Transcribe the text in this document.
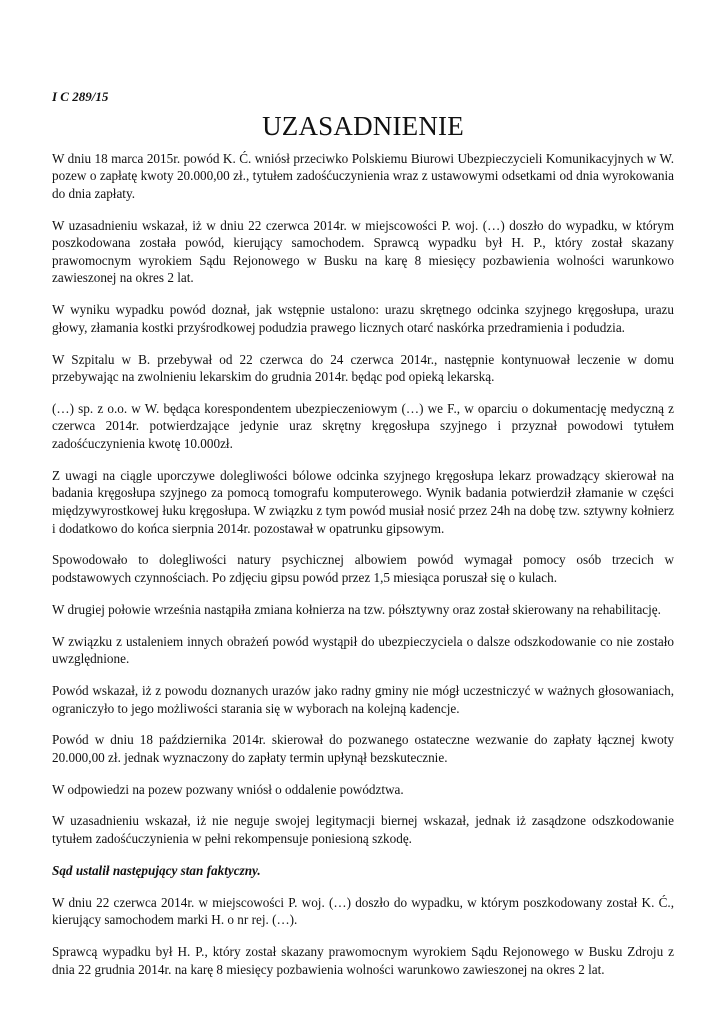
I C 289/15
UZASADNIENIE

W dniu 18 marca 2015r. powód K. Ć. wniósł przeciwko Polskiemu Biurowi Ubezpieczycieli Komunikacyjnych w W. pozew o zapłatę kwoty 20.000,00 zł., tytułem zadośćuczynienia wraz z ustawowymi odsetkami od dnia wyrokowania do dnia zapłaty.

W uzasadnieniu wskazał, iż w dniu 22 czerwca 2014r. w miejscowości P. woj. (…) doszło do wypadku, w którym poszkodowana została powód, kierujący samochodem. Sprawcą wypadku był H. P., który został skazany prawomocnym wyrokiem Sądu Rejonowego w Busku na karę 8 miesięcy pozbawienia wolności warunkowo zawieszonej na okres 2 lat.

W wyniku wypadku powód doznał, jak wstępnie ustalono: urazu skrętnego odcinka szyjnego kręgosłupa, urazu głowy, złamania kostki przyśrodkowej podudzia prawego licznych otarć naskórka przedramienia i podudzia.

W Szpitalu w B. przebywał od 22 czerwca do 24 czerwca 2014r., następnie kontynuował leczenie w domu przebywając na zwolnieniu lekarskim do grudnia 2014r. będąc pod opieką lekarską.

(…) sp. z o.o. w W. będąca korespondentem ubezpieczeniowym (…) we F., w oparciu o dokumentację medyczną z czerwca 2014r. potwierdzające jedynie uraz skrętny kręgosłupa szyjnego i przyznał powodowi tytułem zadośćuczynienia kwotę 10.000zł.

Z uwagi na ciągle uporczywe dolegliwości bólowe odcinka szyjnego kręgosłupa lekarz prowadzący skierował na badania kręgosłupa szyjnego za pomocą tomografu komputerowego. Wynik badania potwierdził złamanie w części międzywyrostkowej łuku kręgosłupa. W związku z tym powód musiał nosić przez 24h na dobę tzw. sztywny kołnierz i dodatkowo do końca sierpnia 2014r. pozostawał w opatrunku gipsowym.

Spowodowało to dolegliwości natury psychicznej albowiem powód wymagał pomocy osób trzecich w podstawowych czynnościach. Po zdjęciu gipsu powód przez 1,5 miesiąca poruszał się o kulach.

W drugiej połowie września nastąpiła zmiana kołnierza na tzw. półsztywny oraz został skierowany na rehabilitację.

W związku z ustaleniem innych obrażeń powód wystąpił do ubezpieczyciela o dalsze odszkodowanie co nie zostało uwzględnione.

Powód wskazał, iż z powodu doznanych urazów jako radny gminy nie mógł uczestniczyć w ważnych głosowaniach, ograniczyło to jego możliwości starania się w wyborach na kolejną kadencje.

Powód w dniu 18 października 2014r. skierował do pozwanego ostateczne wezwanie do zapłaty łącznej kwoty 20.000,00 zł. jednak wyznaczony do zapłaty termin upłynął bezskutecznie.

W odpowiedzi na pozew pozwany wniósł o oddalenie powództwa.

W uzasadnieniu wskazał, iż nie neguje swojej legitymacji biernej wskazał, jednak iż zasądzone odszkodowanie tytułem zadośćuczynienia w pełni rekompensuje poniesioną szkodę.

Sąd ustalił następujący stan faktyczny.

W dniu 22 czerwca 2014r. w miejscowości P. woj. (…) doszło do wypadku, w którym poszkodowany został K. Ć., kierujący samochodem marki H. o nr rej. (…).

Sprawcą wypadku był H. P., który został skazany prawomocnym wyrokiem Sądu Rejonowego w Busku Zdroju z dnia 22 grudnia 2014r. na karę 8 miesięcy pozbawienia wolności warunkowo zawieszonej na okres 2 lat.
